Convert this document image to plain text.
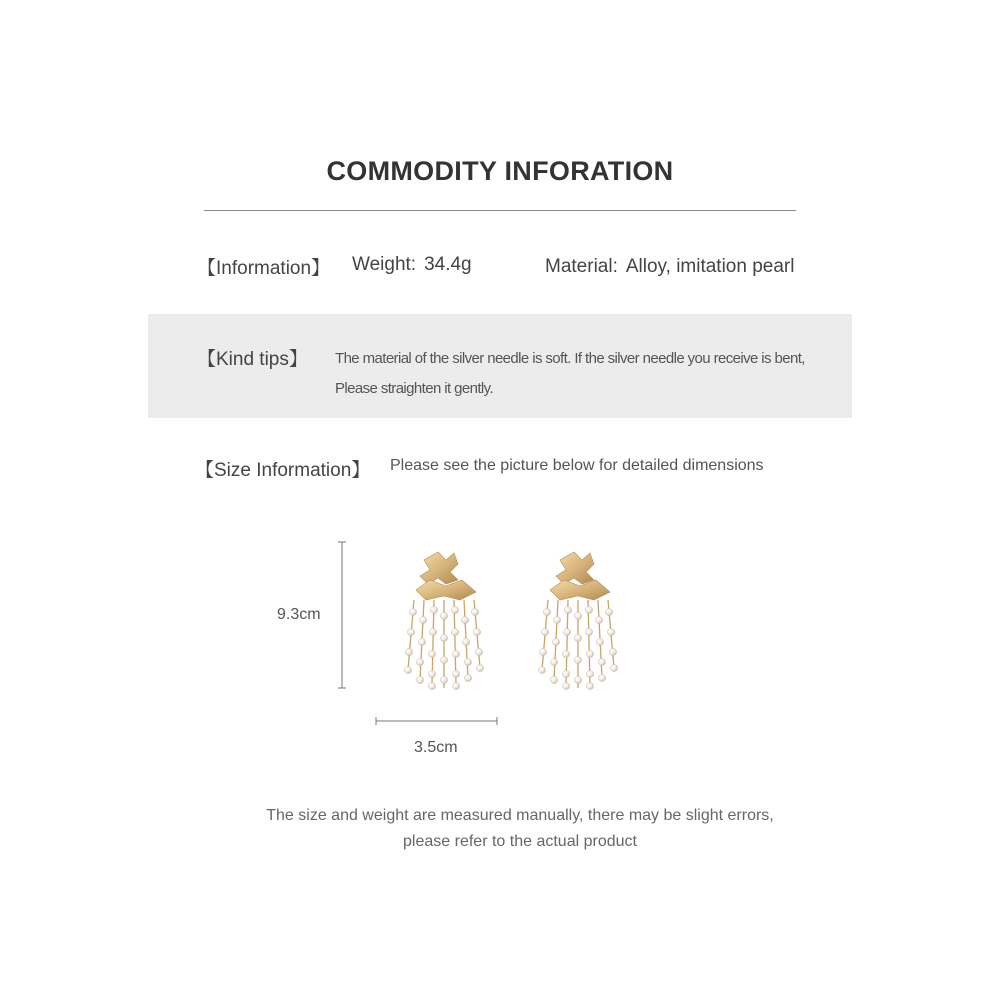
COMMODITY INFORATION
【Information】 Weight: 34.4g	Material: Alloy, imitation pearl
【Kind tips】 The material of the silver needle is soft. If the silver needle you receive is bent,
Please straighten it gently.
【Size Information】 Please see the picture below for detailed dimensions
9.3cm
3.5cm
The size and weight are measured manually, there may be slight errors,
please refer to the actual product
